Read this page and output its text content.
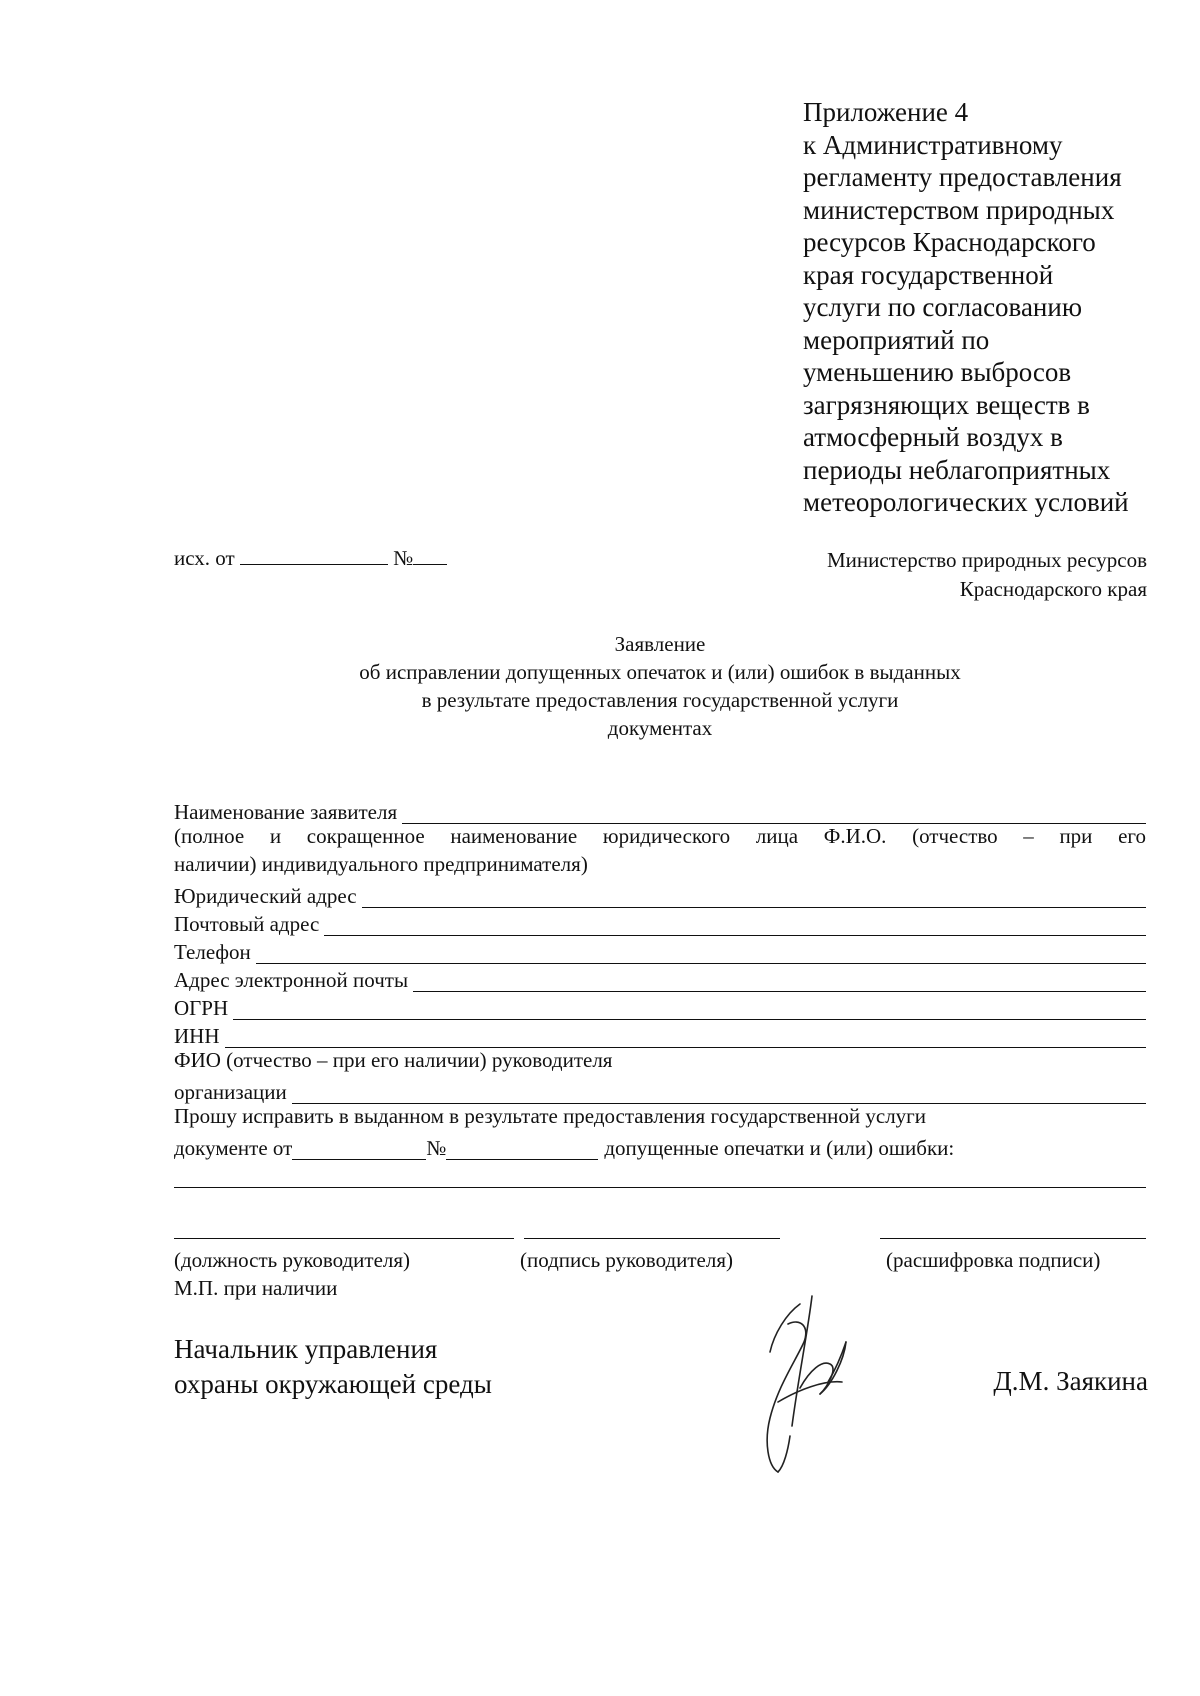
Приложение 4
к Административному
регламенту предоставления
министерством природных
ресурсов Краснодарского
края государственной
услуги по согласованию
мероприятий по
уменьшению выбросов
загрязняющих веществ в
атмосферный воздух в
периоды неблагоприятных
метеорологических условий
исх. от	№	Министерство природных ресурсов
Краснодарского края
Заявление
об исправлении допущенных опечаток и (или) ошибок в выданных
в результате предоставления государственной услуги
документах
Наименование заявителя
(полное и сокращенное наименование юридического лица Ф.И.О. (отчество – при его
наличии) индивидуального предпринимателя)
Юридический адрес
Почтовый адрес
Телефон
Адрес электронной почты
ОГРН
ИНН
ФИО (отчество – при его наличии) руководителя
организации
Прошу исправить в выданном в результате предоставления государственной услуги
документе от	№	допущенные опечатки и (или) ошибки:
(должность руководителя)	(подпись руководителя)	(расшифровка подписи)
М.П. при наличии
Начальник управления
охраны окружающей среды	Д.М. Заякина
